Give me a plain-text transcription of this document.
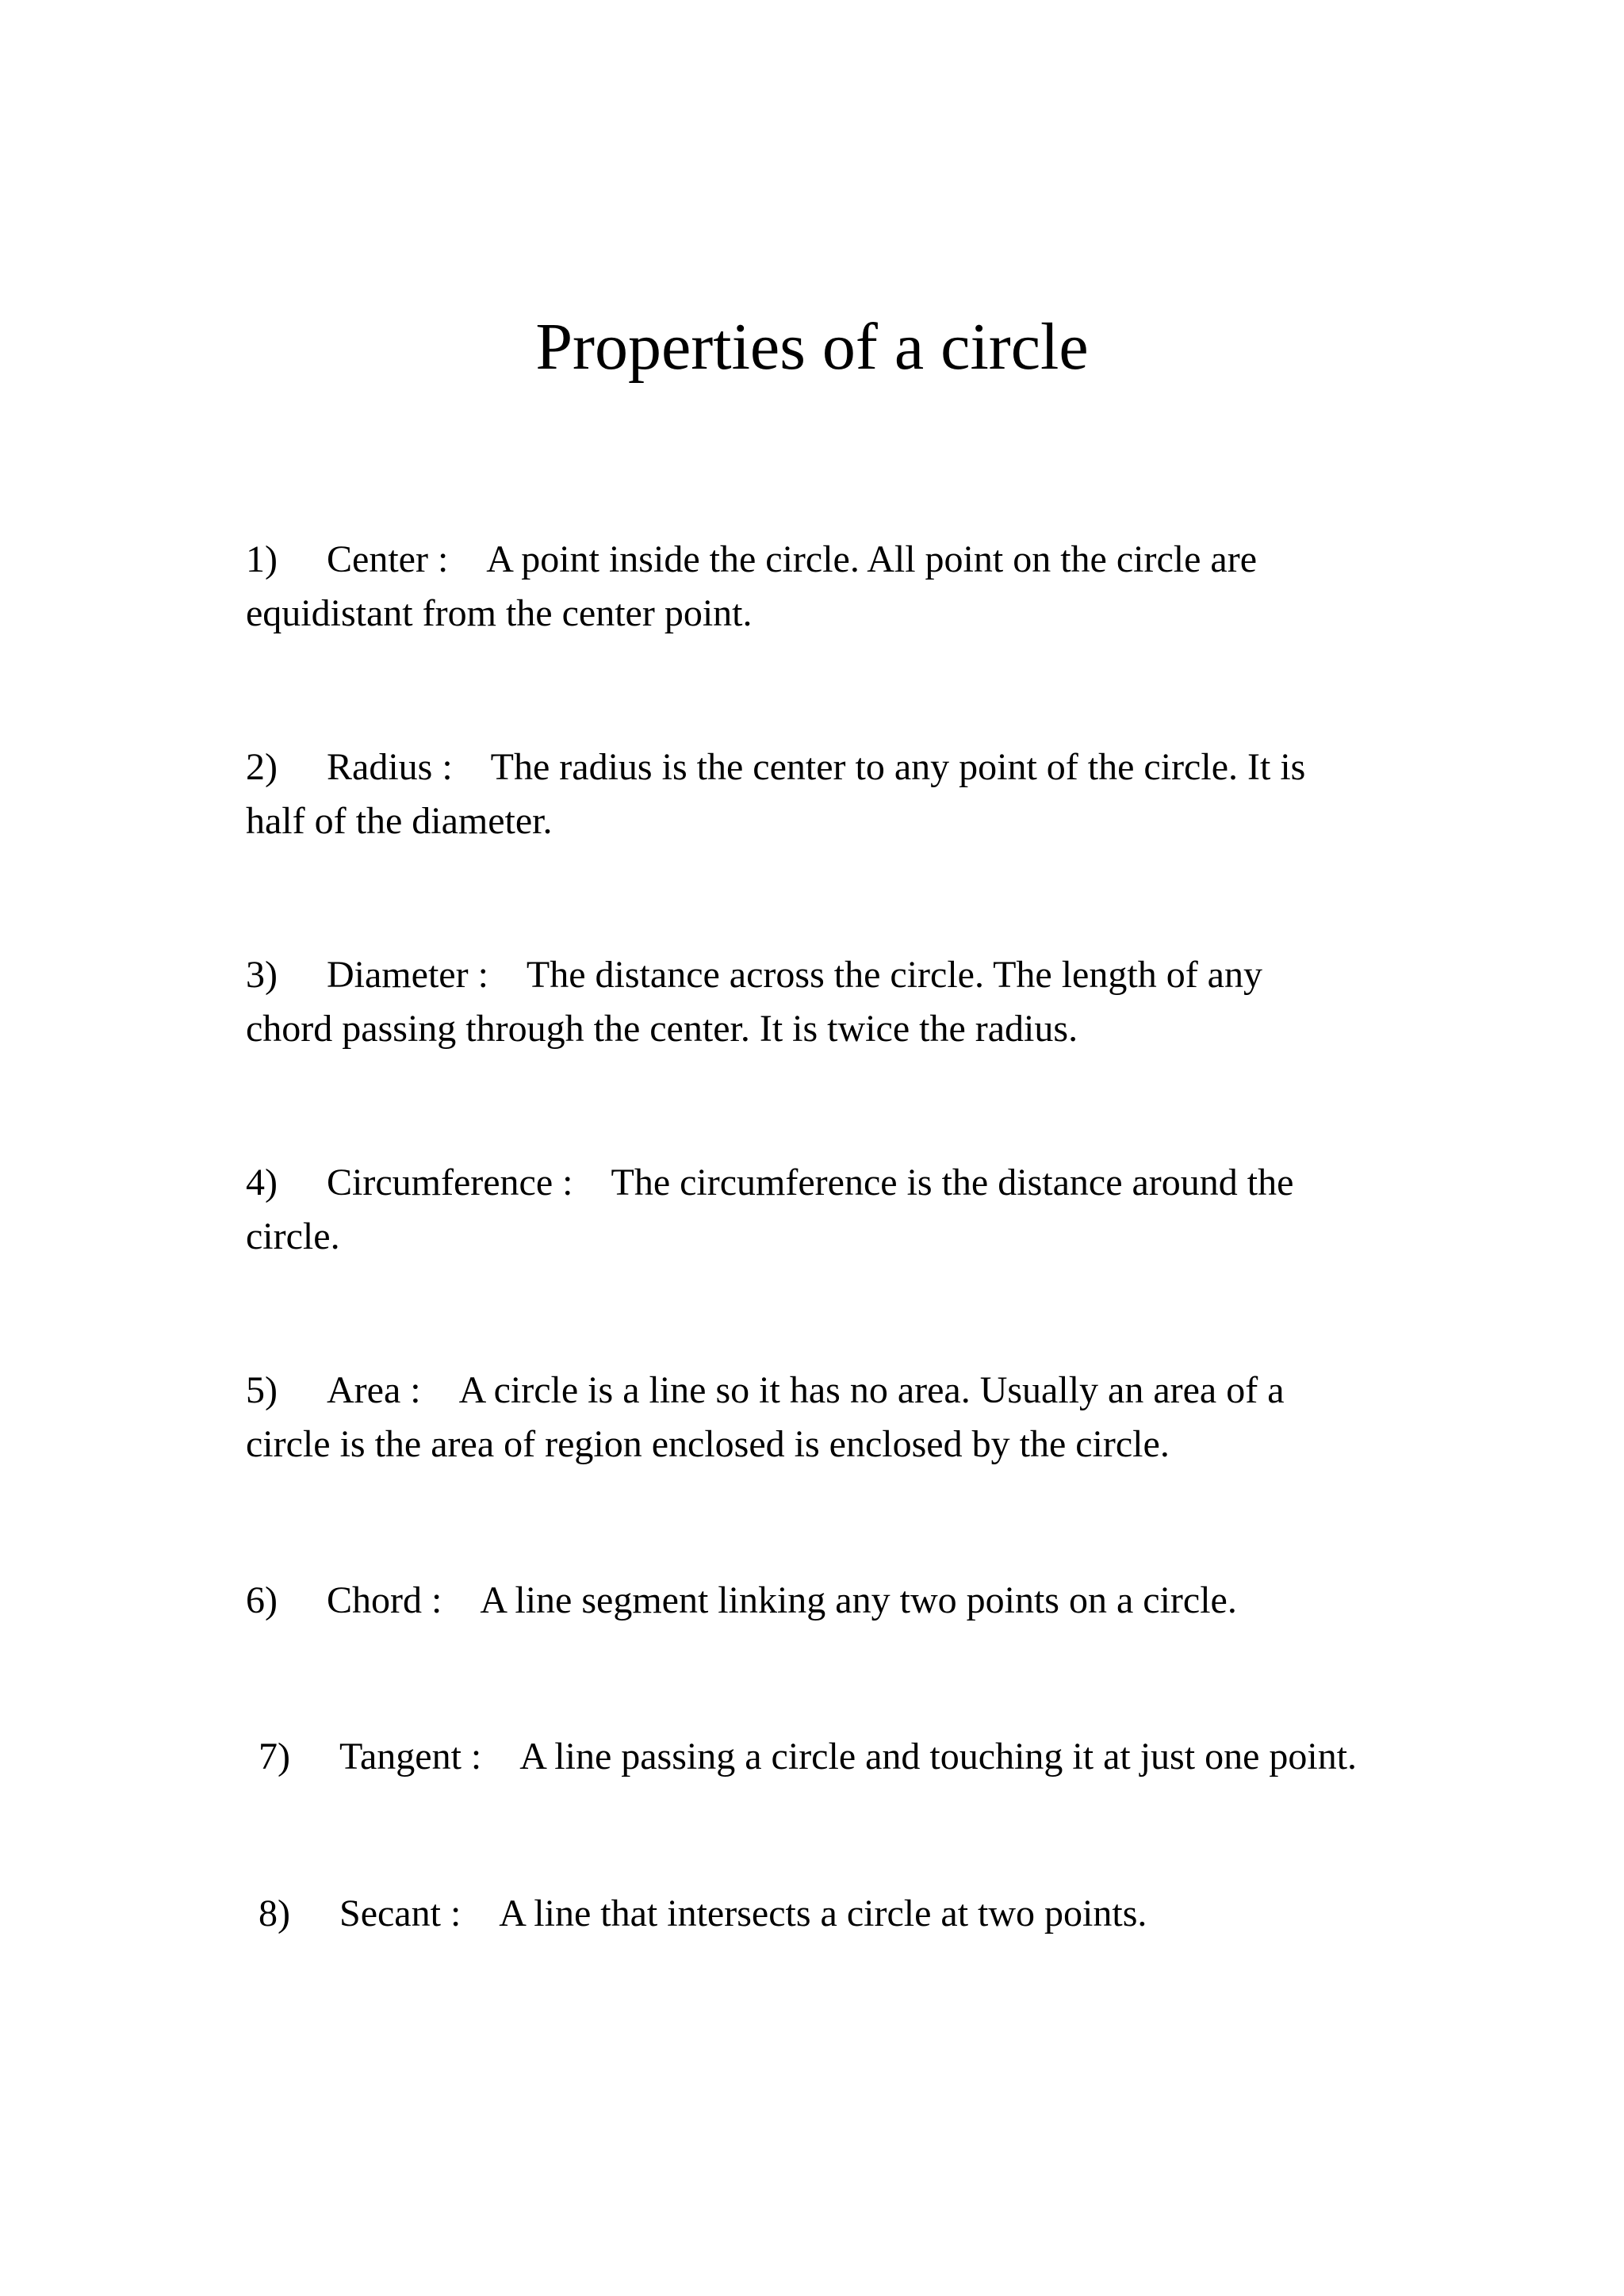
Properties of a circle
1) Center : A point inside the circle. All point on the circle are
equidistant from the center point.
2) Radius : The radius is the center to any point of the circle. It is
half of the diameter.
3) Diameter : The distance across the circle. The length of any
chord passing through the center. It is twice the radius.
4) Circumference : The circumference is the distance around the
circle.
5) Area : A circle is a line so it has no area. Usually an area of a
circle is the area of region enclosed is enclosed by the circle.
6) Chord : A line segment linking any two points on a circle.
7) Tangent : A line passing a circle and touching it at just one point.
8) Secant : A line that intersects a circle at two points.
